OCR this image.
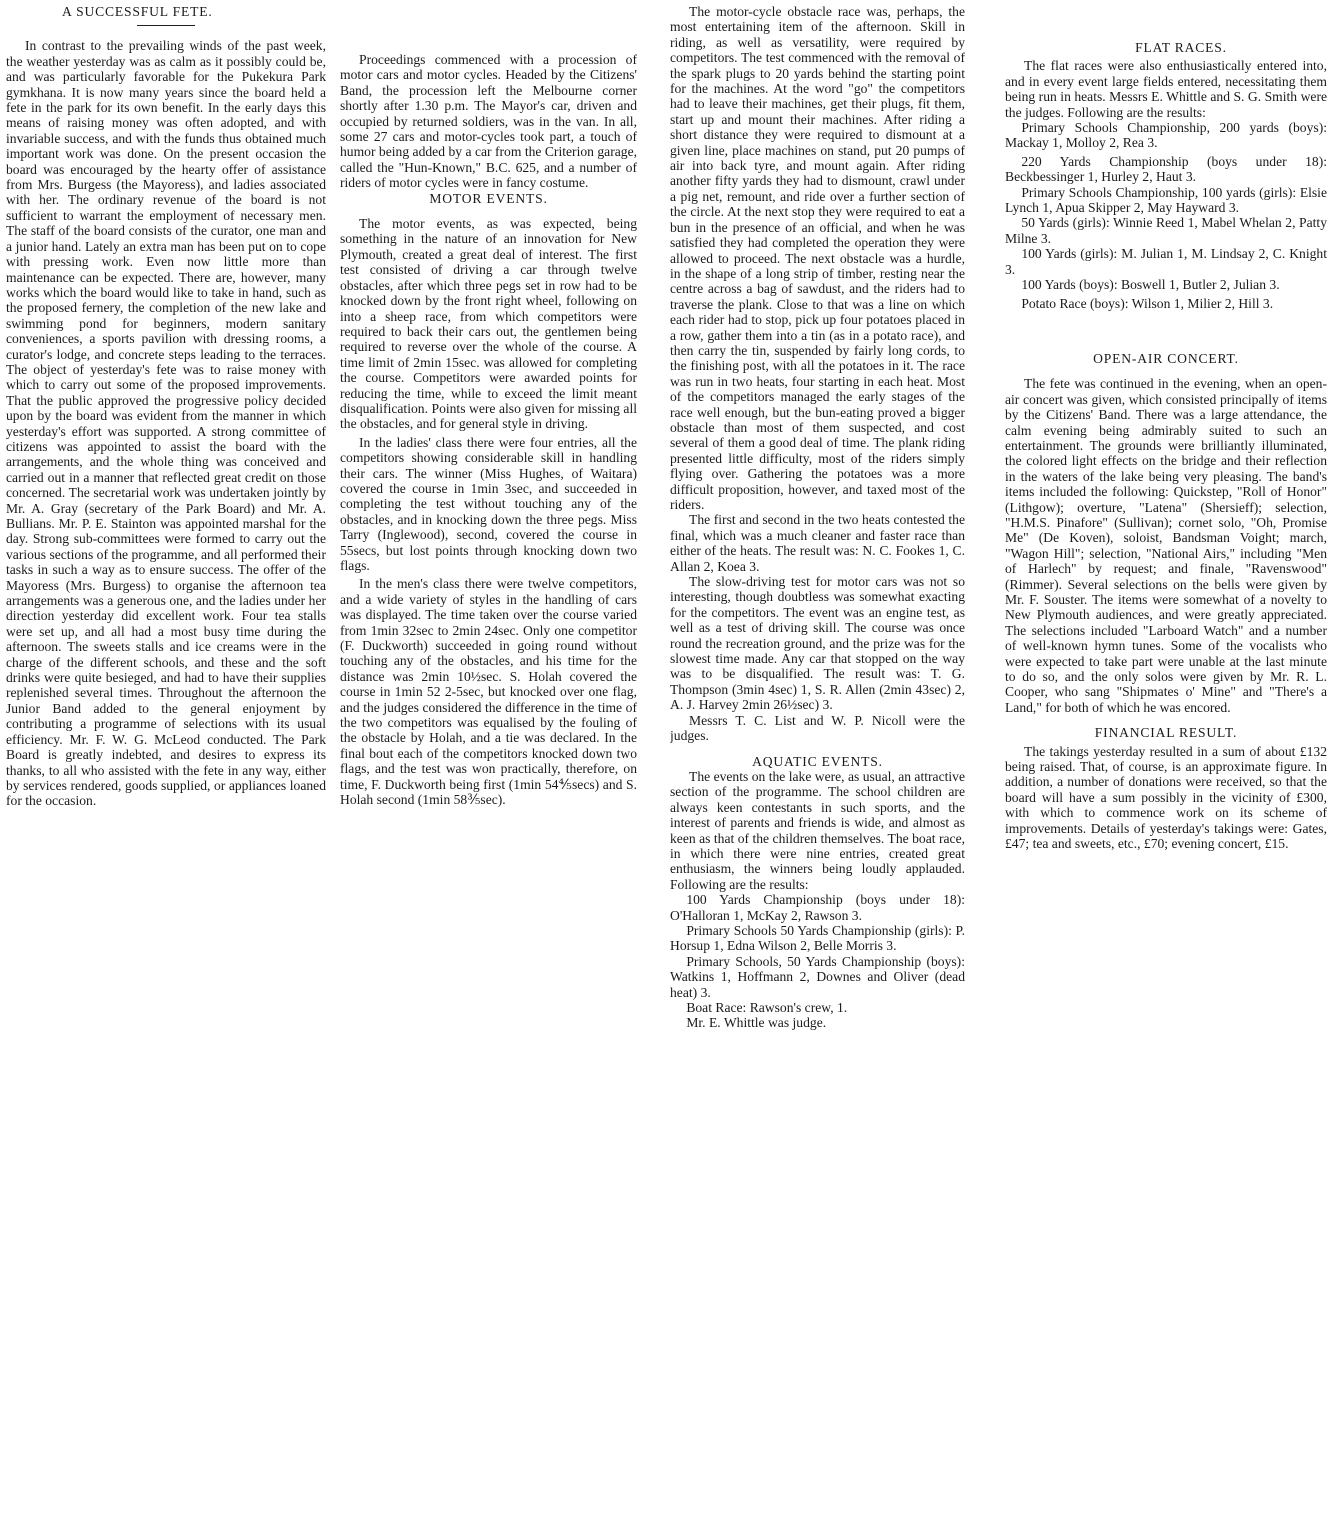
A SUCCESSFUL FETE.

In contrast to the prevailing winds of the past week, the weather yesterday was as calm as it possibly could be, and was particularly favorable for the Pukekura Park gymkhana. It is now many years since the board held a fete in the park for its own benefit. In the early days this means of raising money was often adopted, and with invariable success, and with the funds thus obtained much important work was done. On the present occasion the board was encouraged by the hearty offer of assistance from Mrs. Burgess (the Mayoress), and ladies associated with her. The ordinary revenue of the board is not sufficient to warrant the employment of necessary men. The staff of the board consists of the curator, one man and a junior hand. Lately an extra man has been put on to cope with pressing work. Even now little more than maintenance can be expected. There are, however, many works which the board would like to take in hand, such as the proposed fernery, the completion of the new lake and swimming pond for beginners, modern sanitary conveniences, a sports pavilion with dressing rooms, a curator's lodge, and concrete steps leading to the terraces. The object of yesterday's fete was to raise money with which to carry out some of the proposed improvements. That the public approved the progressive policy decided upon by the board was evident from the manner in which yesterday's effort was supported. A strong committee of citizens was appointed to assist the board with the arrangements, and the whole thing was conceived and carried out in a manner that reflected great credit on those concerned. The secretarial work was undertaken jointly by Mr. A. Gray (secretary of the Park Board) and Mr. A. Bullians. Mr. P. E. Stainton was appointed marshal for the day. Strong sub-committees were formed to carry out the various sections of the programme, and all performed their tasks in such a way as to ensure success. The offer of the Mayoress (Mrs. Burgess) to organise the afternoon tea arrangements was a generous one, and the ladies under her direction yesterday did excellent work. Four tea stalls were set up, and all had a most busy time during the afternoon. The sweets stalls and ice creams were in the charge of the different schools, and these and the soft drinks were quite besieged, and had to have their supplies replenished several times. Throughout the afternoon the Junior Band added to the general enjoyment by contributing a programme of selections with its usual efficiency. Mr. F. W. G. McLeod conducted. The Park Board is greatly indebted, and desires to express its thanks, to all who assisted with the fete in any way, either by services rendered, goods supplied, or appliances loaned for the occasion.

Proceedings commenced with a procession of motor cars and motor cycles. Headed by the Citizens' Band, the procession left the Melbourne corner shortly after 1.30 p.m. The Mayor's car, driven and occupied by returned soldiers, was in the van. In all, some 27 cars and motor-cycles took part, a touch of humor being added by a car from the Criterion garage, called the "Hun-Known," B.C. 625, and a number of riders of motor cycles were in fancy costume.

MOTOR EVENTS.

The motor events, as was expected, being something in the nature of an innovation for New Plymouth, created a great deal of interest. The first test consisted of driving a car through twelve obstacles, after which three pegs set in row had to be knocked down by the front right wheel, following on into a sheep race, from which competitors were required to back their cars out, the gentlemen being required to reverse over the whole of the course. A time limit of 2min 15sec. was allowed for completing the course. Competitors were awarded points for reducing the time, while to exceed the limit meant disqualification. Points were also given for missing all the obstacles, and for general style in driving.

In the ladies' class there were four entries, all the competitors showing considerable skill in handling their cars. The winner (Miss Hughes, of Waitara) covered the course in 1min 3sec, and succeeded in completing the test without touching any of the obstacles, and in knocking down the three pegs. Miss Tarry (Inglewood), second, covered the course in 55secs, but lost points through knocking down two flags.

In the men's class there were twelve competitors, and a wide variety of styles in the handling of cars was displayed. The time taken over the course varied from 1min 32sec to 2min 24sec. Only one competitor (F. Duckworth) succeeded in going round without touching any of the obstacles, and his time for the distance was 2min 10½sec. S. Holah covered the course in 1min 52 2-5sec, but knocked over one flag, and the judges considered the difference in the time of the two competitors was equalised by the fouling of the obstacle by Holah, and a tie was declared. In the final bout each of the competitors knocked down two flags, and the test was won practically, therefore, on time, F. Duckworth being first (1min 54⅘secs) and S. Holah second (1min 58⅗sec).

The motor-cycle obstacle race was, perhaps, the most entertaining item of the afternoon. Skill in riding, as well as versatility, were required by competitors. The test commenced with the removal of the spark plugs to 20 yards behind the starting point for the machines. At the word "go" the competitors had to leave their machines, get their plugs, fit them, start up and mount their machines. After riding a short distance they were required to dismount at a given line, place machines on stand, put 20 pumps of air into back tyre, and mount again. After riding another fifty yards they had to dismount, crawl under a pig net, remount, and ride over a further section of the circle. At the next stop they were required to eat a bun in the presence of an official, and when he was satisfied they had completed the operation they were allowed to proceed. The next obstacle was a hurdle, in the shape of a long strip of timber, resting near the centre across a bag of sawdust, and the riders had to traverse the plank. Close to that was a line on which each rider had to stop, pick up four potatoes placed in a row, gather them into a tin (as in a potato race), and then carry the tin, suspended by fairly long cords, to the finishing post, with all the potatoes in it. The race was run in two heats, four starting in each heat. Most of the competitors managed the early stages of the race well enough, but the bun-eating proved a bigger obstacle than most of them suspected, and cost several of them a good deal of time. The plank riding presented little difficulty, most of the riders simply flying over. Gathering the potatoes was a more difficult proposition, however, and taxed most of the riders.

The first and second in the two heats contested the final, which was a much cleaner and faster race than either of the heats. The result was: N. C. Fookes 1, C. Allan 2, Koea 3.

The slow-driving test for motor cars was not so interesting, though doubtless was somewhat exacting for the competitors. The event was an engine test, as well as a test of driving skill. The course was once round the recreation ground, and the prize was for the slowest time made. Any car that stopped on the way was to be disqualified. The result was: T. G. Thompson (3min 4sec) 1, S. R. Allen (2min 43sec) 2, A. J. Harvey 2min 26½sec) 3.

Messrs T. C. List and W. P. Nicoll were the judges.

AQUATIC EVENTS.

The events on the lake were, as usual, an attractive section of the programme. The school children are always keen contestants in such sports, and the interest of parents and friends is wide, and almost as keen as that of the children themselves. The boat race, in which there were nine entries, created great enthusiasm, the winners being loudly applauded. Following are the results:

100 Yards Championship (boys under 18): O'Halloran 1, McKay 2, Rawson 3.

Primary Schools 50 Yards Championship (girls): P. Horsup 1, Edna Wilson 2, Belle Morris 3.

Primary Schools, 50 Yards Championship (boys): Watkins 1, Hoffmann 2, Downes and Oliver (dead heat) 3.

Boat Race: Rawson's crew, 1.

Mr. E. Whittle was judge.

FLAT RACES.

The flat races were also enthusiastically entered into, and in every event large fields entered, necessitating them being run in heats. Messrs E. Whittle and S. G. Smith were the judges. Following are the results:

Primary Schools Championship, 200 yards (boys): Mackay 1, Molloy 2, Rea 3.

220 Yards Championship (boys under 18): Beckbessinger 1, Hurley 2, Haut 3.

Primary Schools Championship, 100 yards (girls): Elsie Lynch 1, Apua Skipper 2, May Hayward 3.

50 Yards (girls): Winnie Reed 1, Mabel Whelan 2, Patty Milne 3.

100 Yards (girls): M. Julian 1, M. Lindsay 2, C. Knight 3.

100 Yards (boys): Boswell 1, Butler 2, Julian 3.

Potato Race (boys): Wilson 1, Milier 2, Hill 3.

OPEN-AIR CONCERT.

The fete was continued in the evening, when an open-air concert was given, which consisted principally of items by the Citizens' Band. There was a large attendance, the calm evening being admirably suited to such an entertainment. The grounds were brilliantly illuminated, the colored light effects on the bridge and their reflection in the waters of the lake being very pleasing. The band's items included the following: Quickstep, "Roll of Honor" (Lithgow); overture, "Latena" (Shersieff); selection, "H.M.S. Pinafore" (Sullivan); cornet solo, "Oh, Promise Me" (De Koven), soloist, Bandsman Voight; march, "Wagon Hill"; selection, "National Airs," including "Men of Harlech" by request; and finale, "Ravenswood" (Rimmer). Several selections on the bells were given by Mr. F. Souster. The items were somewhat of a novelty to New Plymouth audiences, and were greatly appreciated. The selections included "Larboard Watch" and a number of well-known hymn tunes. Some of the vocalists who were expected to take part were unable at the last minute to do so, and the only solos were given by Mr. R. L. Cooper, who sang "Shipmates o' Mine" and "There's a Land," for both of which he was encored.

FINANCIAL RESULT.

The takings yesterday resulted in a sum of about £132 being raised. That, of course, is an approximate figure. In addition, a number of donations were received, so that the board will have a sum possibly in the vicinity of £300, with which to commence work on its scheme of improvements. Details of yesterday's takings were: Gates, £47; tea and sweets, etc., £70; evening concert, £15.
